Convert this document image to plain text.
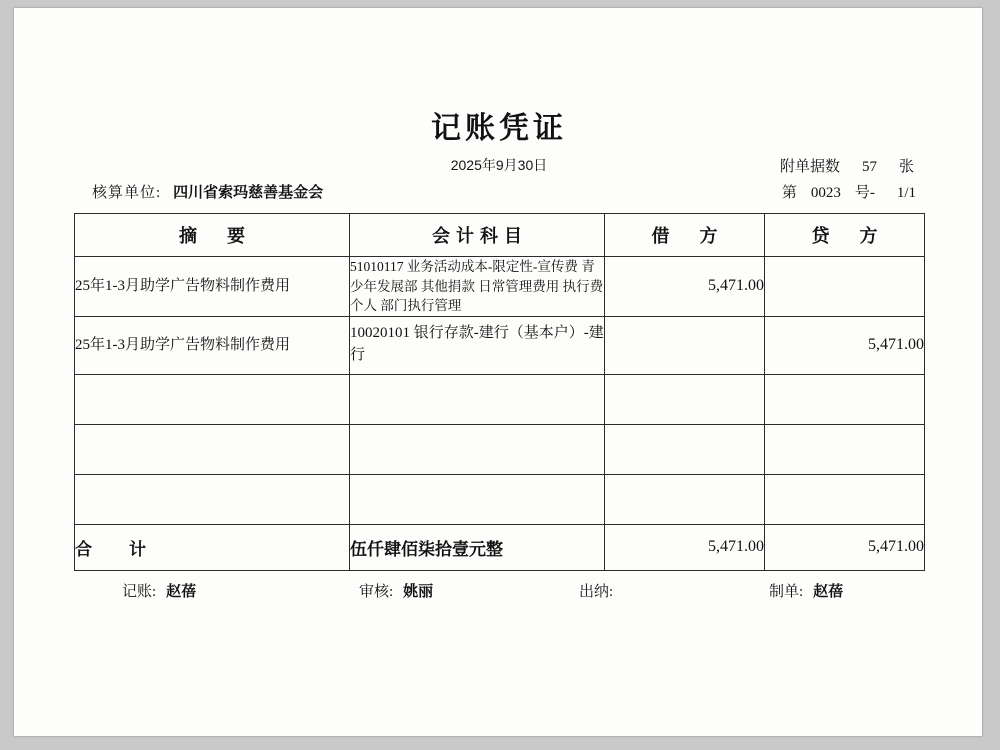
记账凭证
2025年9月30日	附单据数 57 张
核算单位: 四川省索玛慈善基金会	第 0023 号- 1/1
摘　要	会计科目	借　方	贷　方
25年1-3月助学广告物料制作费用	51010117 业务活动成本-限定性-宣传费 青少年发展部 其他捐款 日常管理费用 执行费 个人 部门执行管理	5,471.00	
25年1-3月助学广告物料制作费用	10020101 银行存款-建行（基本户）-建行		5,471.00

合　计	伍仟肆佰柒拾壹元整	5,471.00	5,471.00
记账: 赵蓓	审核: 姚丽	出纳:	制单: 赵蓓
